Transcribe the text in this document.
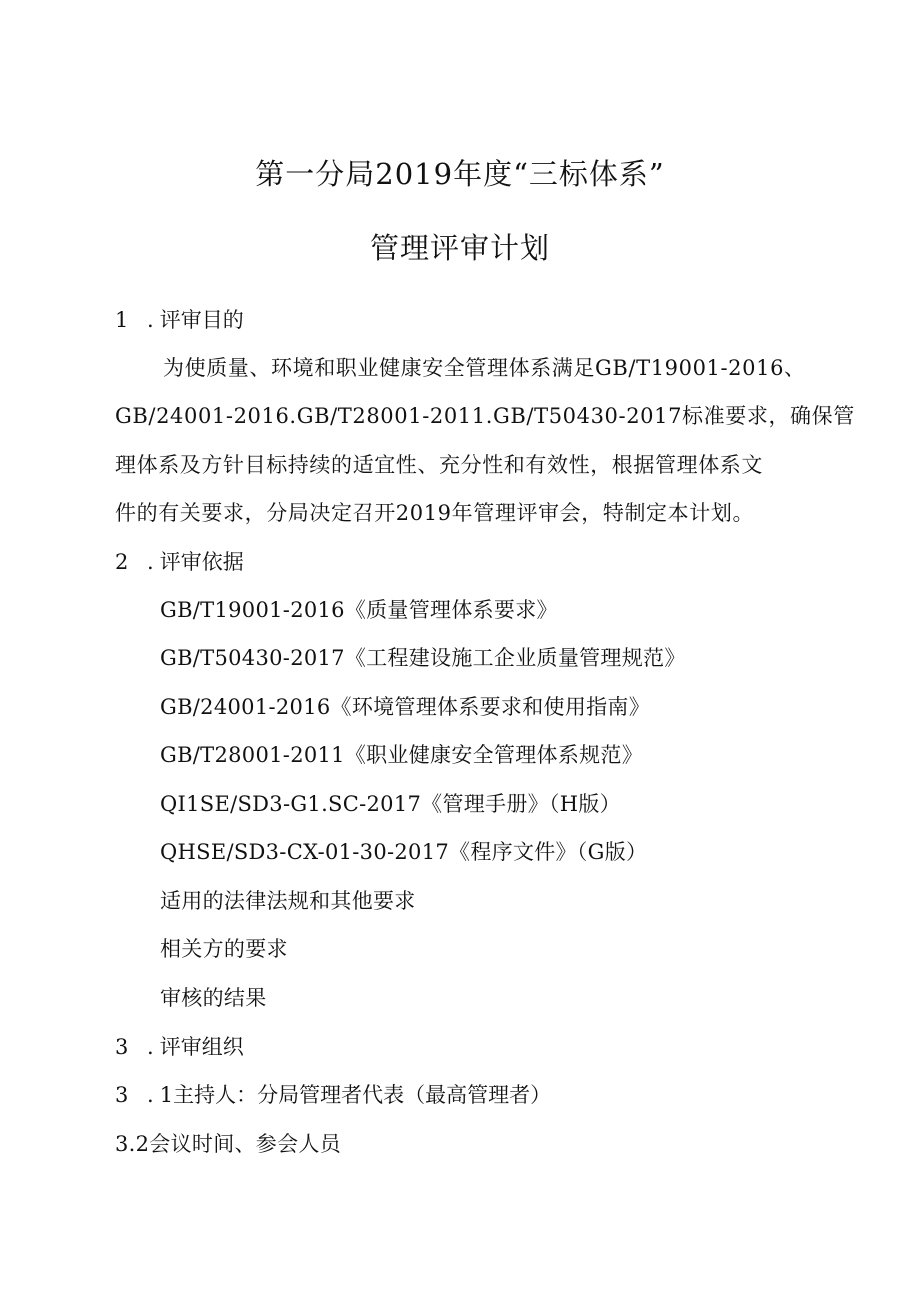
第一分局2019年度“三标体系”
管理评审计划
1 .评审目的
为使质量、环境和职业健康安全管理体系满足GB/T19001-2016、
GB/24001-2016.GB/T28001-2011.GB/T50430-2017标准要求，确保管
理体系及方针目标持续的适宜性、充分性和有效性，根据管理体系文
件的有关要求，分局决定召开2019年管理评审会，特制定本计划。
2 .评审依据
GB/T19001-2016《质量管理体系要求》
GB/T50430-2017《工程建设施工企业质量管理规范》
GB/24001-2016《环境管理体系要求和使用指南》
GB/T28001-2011《职业健康安全管理体系规范》
QI1SE/SD3-G1.SC-2017《管理手册》（H版）
QHSE/SD3-CX-01-30-2017《程序文件》（G版）
适用的法律法规和其他要求
相关方的要求
审核的结果
3 .评审组织
3 .1主持人：分局管理者代表（最高管理者）
3.2会议时间、参会人员
